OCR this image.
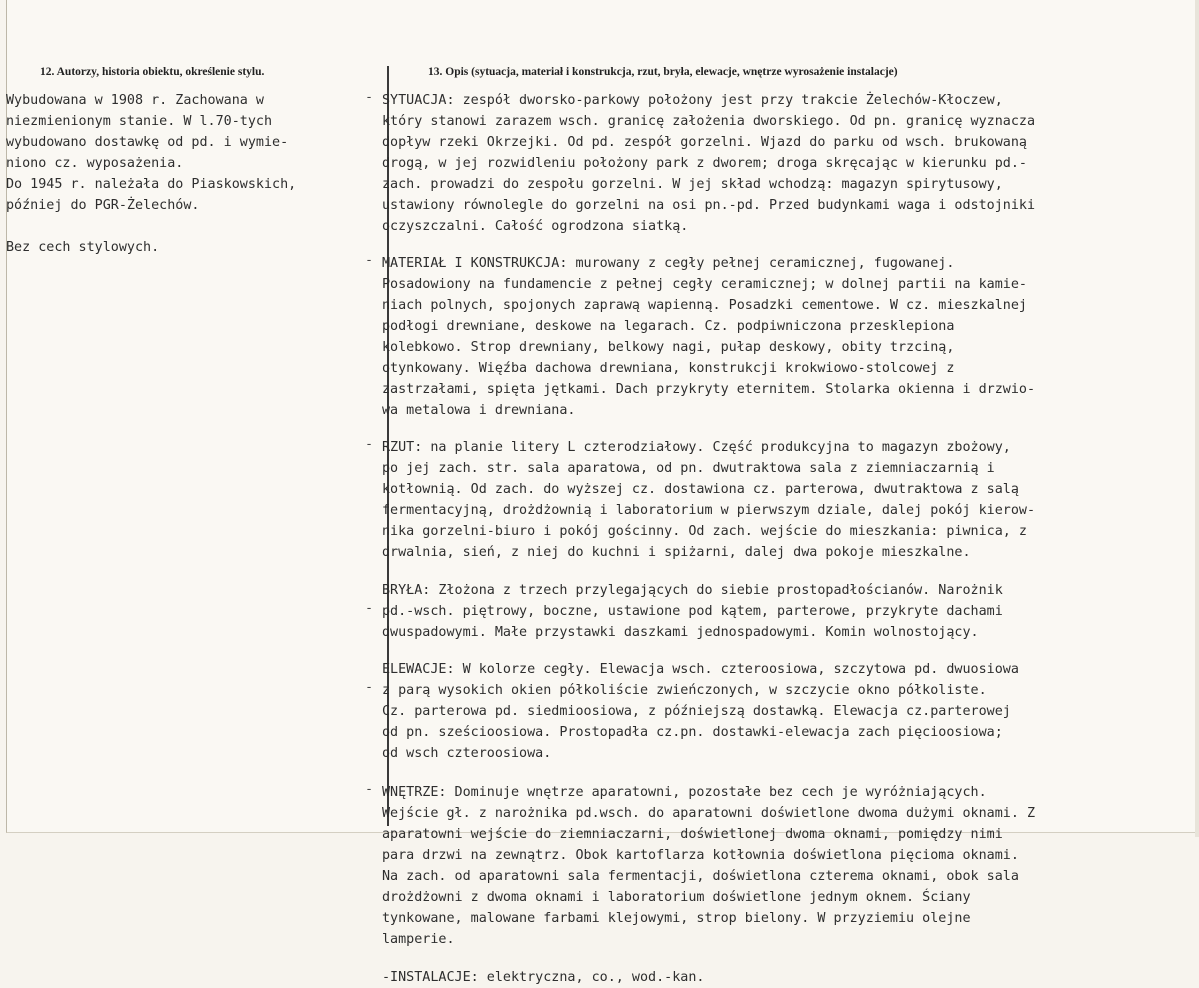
12. Autorzy, historia obiektu, określenie stylu.	13. Opis (sytuacja, materiał i konstrukcja, rzut, bryła, elewacje, wnętrze wyrosażenie instalacje)
Wybudowana w 1908 r. Zachowana w
niezmienionym stanie. W l.70-tych
wybudowano dostawkę od pd. i wymie-
niono cz. wyposażenia.
Do 1945 r. należała do Piaskowskich,
później do PGR-Żelechów.
Bez cech stylowych.
SYTUACJA: zespół dworsko-parkowy położony jest przy trakcie Żelechów-Kłoczew,
który stanowi zarazem wsch. granicę założenia dworskiego. Od pn. granicę wyznacza
dopływ rzeki Okrzejki. Od pd. zespół gorzelni. Wjazd do parku od wsch. brukowaną
drogą, w jej rozwidleniu położony park z dworem; droga skręcając w kierunku pd.-
zach. prowadzi do zespołu gorzelni. W jej skład wchodzą: magazyn spirytusowy,
ustawiony równolegle do gorzelni na osi pn.-pd. Przed budynkami waga i odstojniki
oczyszczalni. Całość ogrodzona siatką.
MATERIAŁ I KONSTRUKCJA: murowany z cegły pełnej ceramicznej, fugowanej.
Posadowiony na fundamencie z pełnej cegły ceramicznej; w dolnej partii na kamie-
niach polnych, spojonych zaprawą wapienną. Posadzki cementowe. W cz. mieszkalnej
podłogi drewniane, deskowe na legarach. Cz. podpiwniczona przesklepiona
kolebkowo. Strop drewniany, belkowy nagi, pułap deskowy, obity trzciną,
otynkowany. Więźba dachowa drewniana, konstrukcji krokwiowo-stolcowej z
zastrzałami, spięta jętkami. Dach przykryty eternitem. Stolarka okienna i drzwio-
wa metalowa i drewniana.
RZUT: na planie litery L czterodziałowy. Część produkcyjna to magazyn zbożowy,
po jej zach. str. sala aparatowa, od pn. dwutraktowa sala z ziemniaczarnią i
kotłownią. Od zach. do wyższej cz. dostawiona cz. parterowa, dwutraktowa z salą
fermentacyjną, drożdżownią i laboratorium w pierwszym dziale, dalej pokój kierow-
nika gorzelni-biuro i pokój gościnny. Od zach. wejście do mieszkania: piwnica, z
drwalnia, sień, z niej do kuchni i spiżarni, dalej dwa pokoje mieszkalne.
BRYŁA: Złożona z trzech przylegających do siebie prostopadłościanów. Narożnik
pd.-wsch. piętrowy, boczne, ustawione pod kątem, parterowe, przykryte dachami
dwuspadowymi. Małe przystawki daszkami jednospadowymi. Komin wolnostojący.
ELEWACJE: W kolorze cegły. Elewacja wsch. czteroosiowa, szczytowa pd. dwuosiowa
z parą wysokich okien półkoliście zwieńczonych, w szczycie okno półkoliste.
Cz. parterowa pd. siedmioosiowa, z późniejszą dostawką. Elewacja cz.parterowej
od pn. sześcioosiowa. Prostopadła cz.pn. dostawki-elewacja zach pięcioosiowa;
od wsch czteroosiowa.
WNĘTRZE: Dominuje wnętrze aparatowni, pozostałe bez cech je wyróżniających.
Wejście gł. z narożnika pd.wsch. do aparatowni doświetlone dwoma dużymi oknami. Z
aparatowni wejście do ziemniaczarni, doświetlonej dwoma oknami, pomiędzy nimi
para drzwi na zewnątrz. Obok kartoflarza kotłownia doświetlona pięcioma oknami.
Na zach. od aparatowni sala fermentacji, doświetlona czterema oknami, obok sala
drożdżowni z dwoma oknami i laboratorium doświetlone jednym oknem. Ściany
tynkowane, malowane farbami klejowymi, strop bielony. W przyziemiu olejne
lamperie.
-INSTALACJE: elektryczna, co., wod.-kan.
-
-
-
-
-
-
